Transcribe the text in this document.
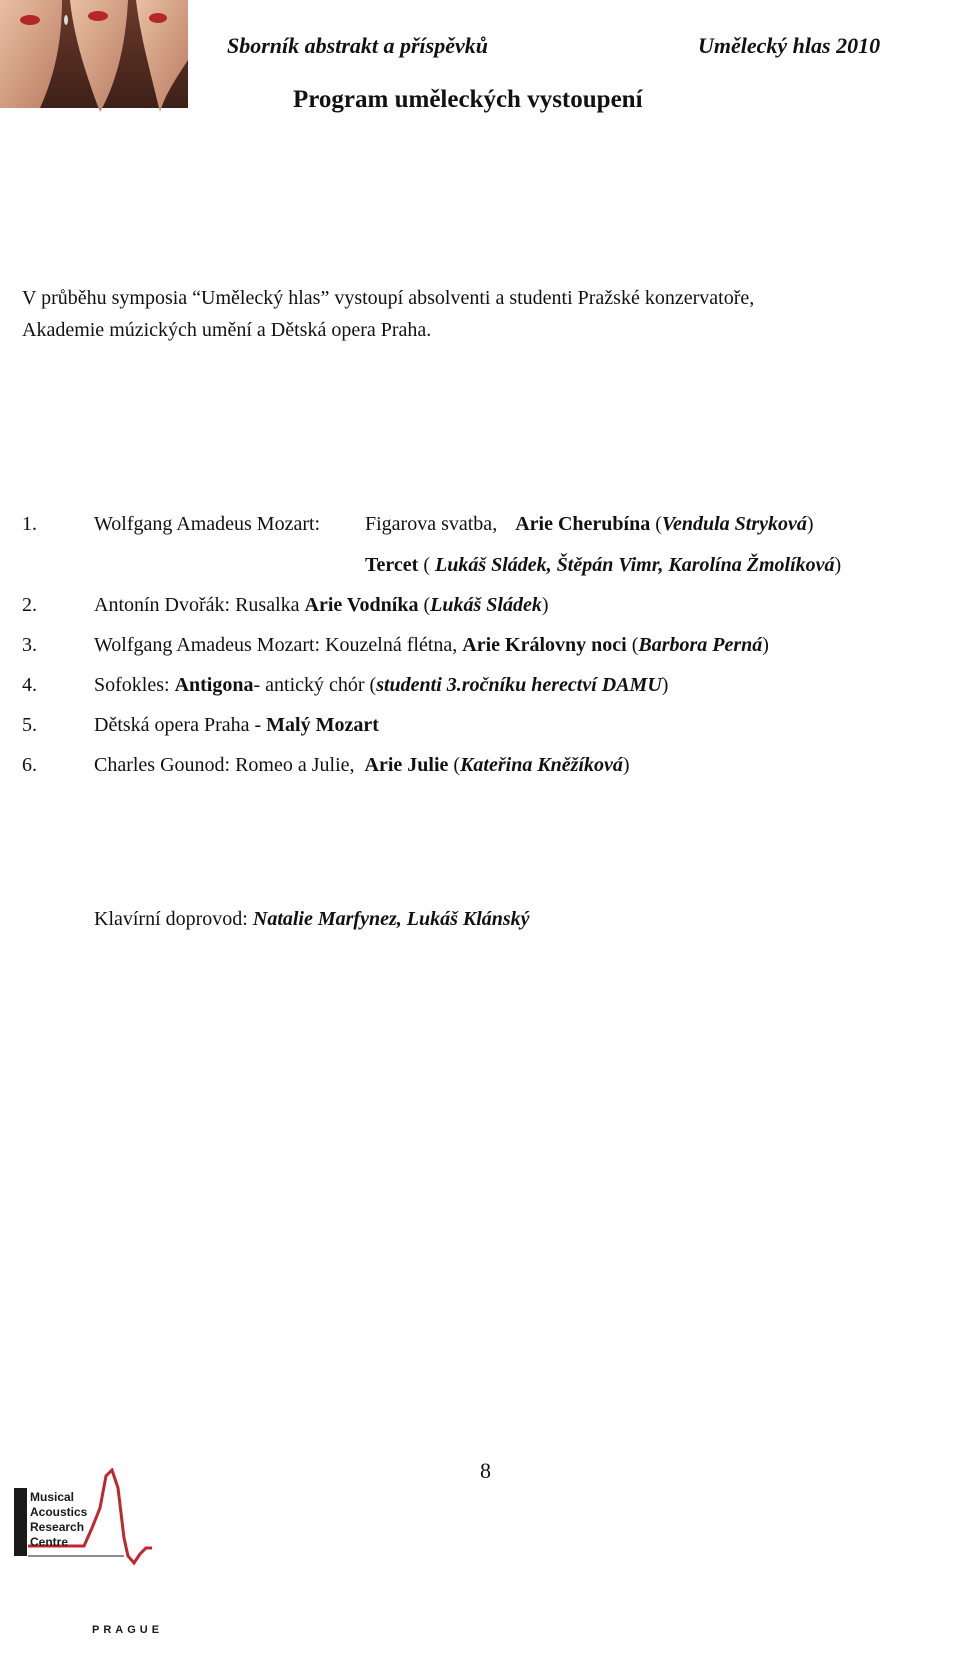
Sborník abstrakt a příspěvků	Umělecký hlas 2010
Program uměleckých vystoupení
V průběhu symposia “Umělecký hlas” vystoupí absolventi a studenti Pražské konzervatoře,
Akademie múzických umění a Dětská opera Praha.
1.	Wolfgang Amadeus Mozart: Figarova svatba, Arie Cherubína (Vendula Stryková)
Tercet ( Lukáš Sládek, Štěpán Vimr, Karolína Žmolíková)
2.	Antonín Dvořák: Rusalka Arie Vodníka (Lukáš Sládek)
3.	Wolfgang Amadeus Mozart: Kouzelná flétna, Arie Královny noci (Barbora Perná)
4.	Sofokles: Antigona- antický chór (studenti 3.ročníku herectví DAMU)
5.	Dětská opera Praha - Malý Mozart
6.	Charles Gounod: Romeo a Julie,  Arie Julie (Kateřina Kněžíková)
Klavírní doprovod: Natalie Marfynez, Lukáš Klánský
8
Musical
Acoustics
Research
Centre
PRAGUE
